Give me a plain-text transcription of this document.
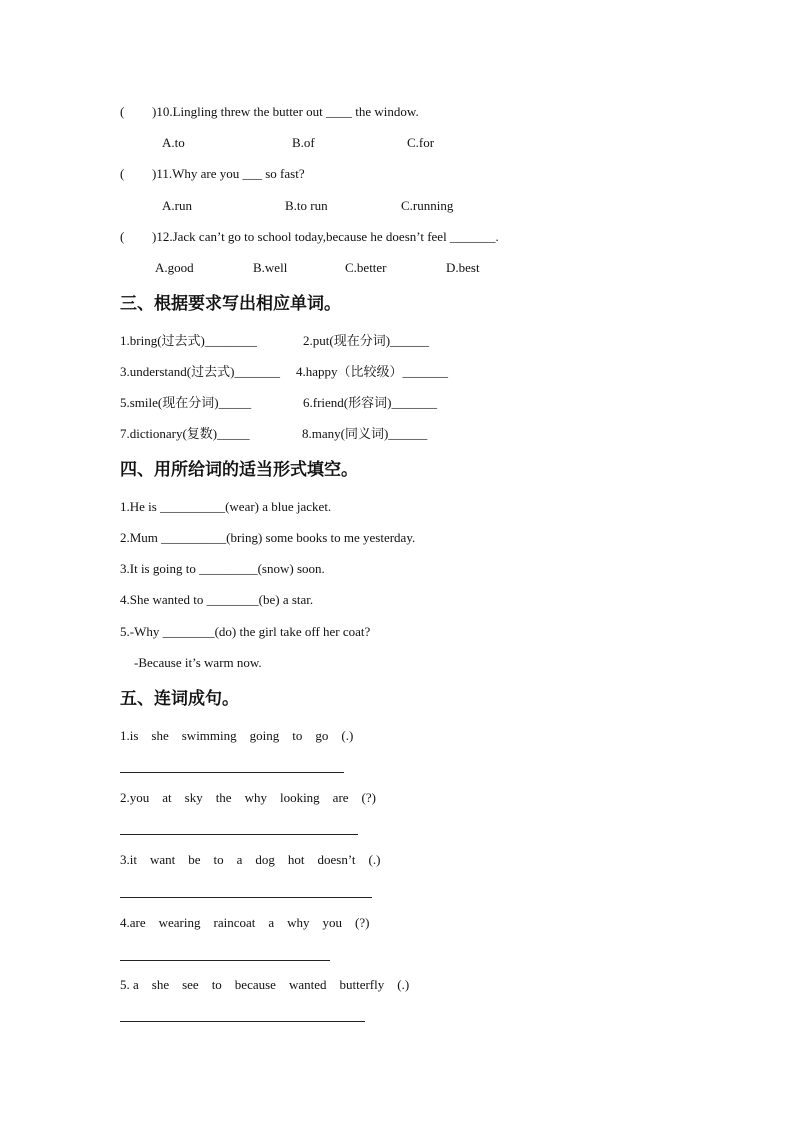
( )10.Lingling threw the butter out ____ the window.
A.to	B.of	C.for
( )11.Why are you ___ so fast?
A.run	B.to run	C.running
( )12.Jack can’t go to school today,because he doesn’t feel _______.
A.good	B.well	C.better	D.best
三、根据要求写出相应单词。
1.bring(过去式)________	2.put(现在分词)______
3.understand(过去式)_______ 4.happy（比较级）_______
5.smile(现在分词)_____	6.friend(形容词)_______
7.dictionary(复数)_____	8.many(同义词)______
四、用所给词的适当形式填空。
1.He is __________(wear) a blue jacket.
2.Mum __________(bring) some books to me yesterday.
3.It is going to _________(snow) soon.
4.She wanted to ________(be) a star.
5.-Why ________(do) the girl take off her coat?
-Because it’s warm now.
五、连词成句。
1.is    she    swimming    going    to    go    (.)
2.you    at    sky    the    why    looking    are    (?)
3.it    want    be    to    a    dog    hot    doesn’t    (.)
4.are    wearing    raincoat    a    why    you    (?)
5. a    she    see    to    because    wanted    butterfly    (.)
